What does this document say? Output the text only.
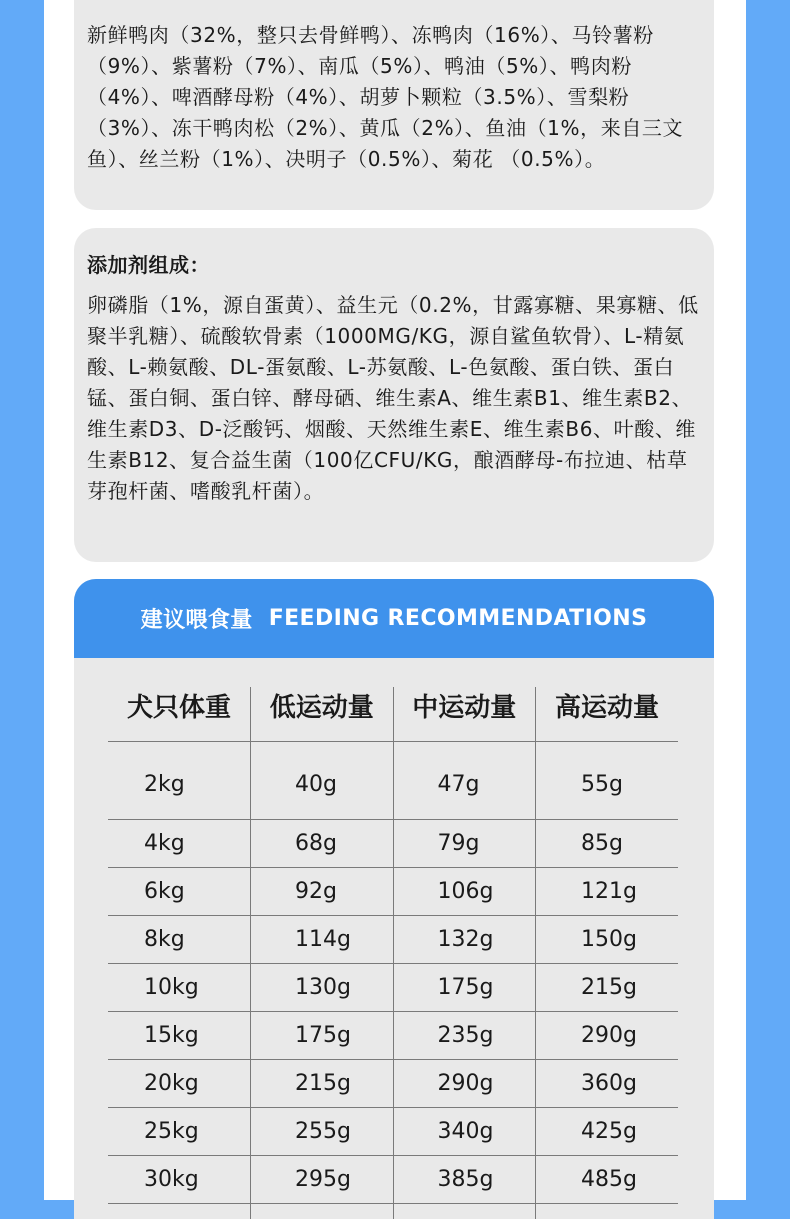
新鲜鸭肉（32%，整只去骨鲜鸭）、冻鸭肉（16%）、马铃薯粉（9%）、紫薯粉（7%）、南瓜（5%）、鸭油（5%）、鸭肉粉（4%）、啤酒酵母粉（4%）、胡萝卜颗粒（3.5%）、雪梨粉（3%）、冻干鸭肉松（2%）、黄瓜（2%）、鱼油（1%，来自三文鱼）、丝兰粉（1%）、决明子（0.5%）、菊花 （0.5%）。
添加剂组成：
卵磷脂（1%，源自蛋黄）、益生元（0.2%，甘露寡糖、果寡糖、低聚半乳糖）、硫酸软骨素（1000MG/KG，源自鲨鱼软骨）、L-精氨酸、L-赖氨酸、DL-蛋氨酸、L-苏氨酸、L-色氨酸、蛋白铁、蛋白锰、蛋白铜、蛋白锌、酵母硒、维生素A、维生素B1、维生素B2、维生素D3、D-泛酸钙、烟酸、天然维生素E、维生素B6、叶酸、维生素B12、复合益生菌（100亿CFU/KG，酿酒酵母-布拉迪、枯草芽孢杆菌、嗜酸乳杆菌）。
建议喂食量 FEEDING RECOMMENDATIONS
犬只体重	低运动量	中运动量	高运动量
2kg	40g	47g	55g
4kg	68g	79g	85g
6kg	92g	106g	121g
8kg	114g	132g	150g
10kg	130g	175g	215g
15kg	175g	235g	290g
20kg	215g	290g	360g
25kg	255g	340g	425g
30kg	295g	385g	485g
